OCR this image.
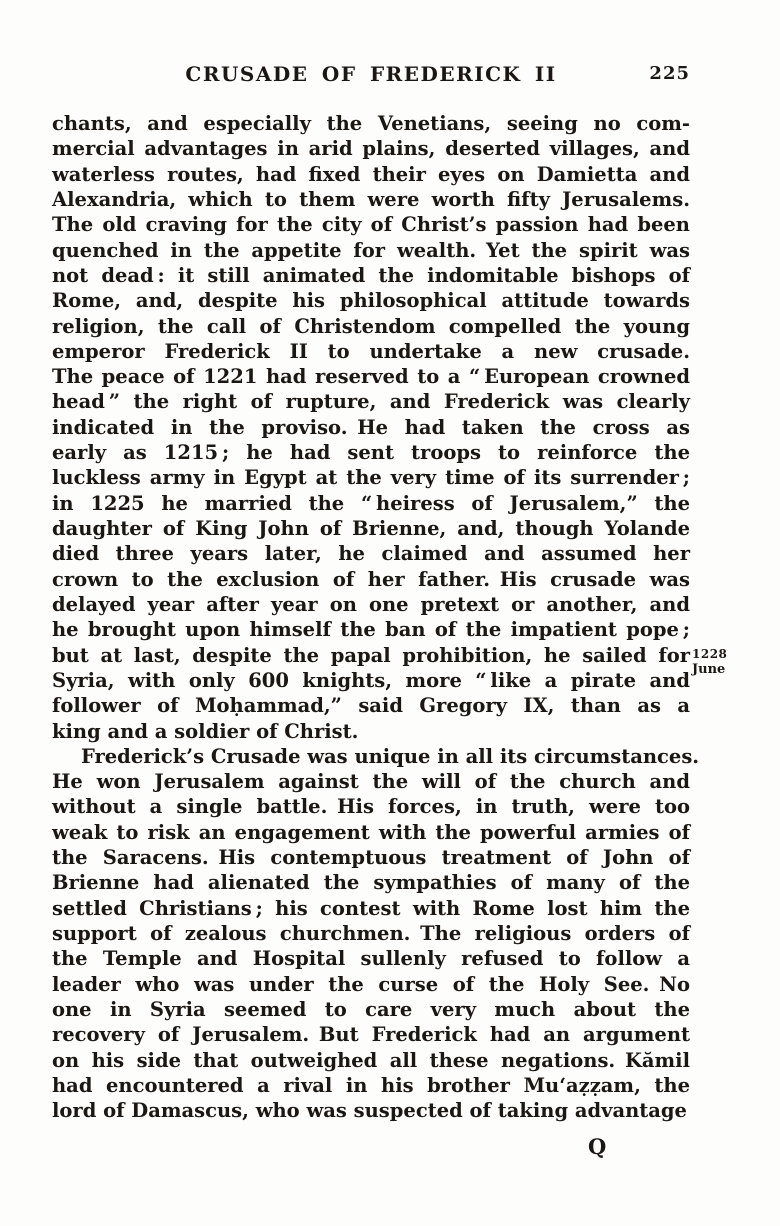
CRUSADE OF FREDERICK II	225
chants, and especially the Venetians, seeing no com-
mercial advantages in arid plains, deserted villages, and
waterless routes, had fixed their eyes on Damietta and
Alexandria, which to them were worth fifty Jerusalems.
The old craving for the city of Christ’s passion had been
quenched in the appetite for wealth. Yet the spirit was
not dead : it still animated the indomitable bishops of
Rome, and, despite his philosophical attitude towards
religion, the call of Christendom compelled the young
emperor Frederick II to undertake a new crusade.
The peace of 1221 had reserved to a “ European crowned
head ” the right of rupture, and Frederick was clearly
indicated in the proviso. He had taken the cross as
early as 1215 ; he had sent troops to reinforce the
luckless army in Egypt at the very time of its surrender ;
in 1225 he married the “ heiress of Jerusalem,” the
daughter of King John of Brienne, and, though Yolande
died three years later, he claimed and assumed her
crown to the exclusion of her father. His crusade was
delayed year after year on one pretext or another, and
he brought upon himself the ban of the impatient pope ;
but at last, despite the papal prohibition, he sailed for
Syria, with only 600 knights, more “ like a pirate and
follower of Moḥammad,” said Gregory IX, than as a
king and a soldier of Christ.
Frederick’s Crusade was unique in all its circumstances.
He won Jerusalem against the will of the church and
without a single battle. His forces, in truth, were too
weak to risk an engagement with the powerful armies of
the Saracens. His contemptuous treatment of John of
Brienne had alienated the sympathies of many of the
settled Christians ; his contest with Rome lost him the
support of zealous churchmen. The religious orders of
the Temple and Hospital sullenly refused to follow a
leader who was under the curse of the Holy See. No
one in Syria seemed to care very much about the
recovery of Jerusalem. But Frederick had an argument
on his side that outweighed all these negations. Kămil
had encountered a rival in his brother Mu‘aẓẓam, the
lord of Damascus, who was suspected of taking advantage
1228
June
Q
